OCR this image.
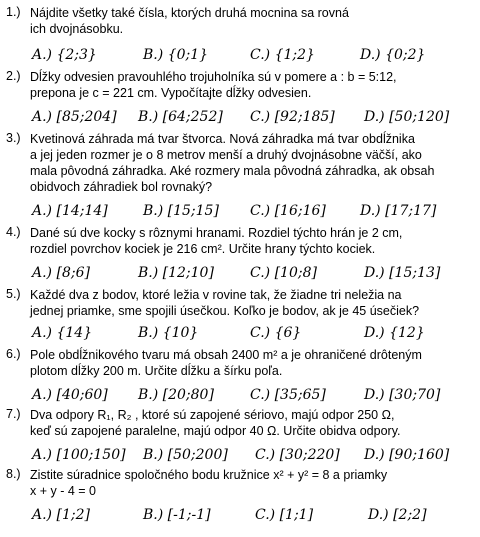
1.) Nájdite všetky také čísla, ktorých druhá mocnina sa rovná
ich dvojnásobku.
A.) {2;3}	B.) {0;1}	C.) {1;2}	D.) {0;2}
2.) Dĺžky odvesien pravouhlého trojuholníka sú v pomere a : b = 5:12,
prepona je c = 221 cm. Vypočítajte dĺžky odvesien.
A.) [85;204] B.) [64;252] C.) [92;185] D.) [50;120]
3.) Kvetinová záhrada má tvar štvorca. Nová záhradka má tvar obdĺžnika
a jej jeden rozmer je o 8 metrov menší a druhý dvojnásobne väčší, ako
mala pôvodná záhradka. Aké rozmery mala pôvodná záhradka, ak obsah
obidvoch záhradiek bol rovnaký?
A.) [14;14]	B.) [15;15] C.) [16;16] D.) [17;17]
4.) Dané sú dve kocky s rôznymi hranami. Rozdiel týchto hrán je 2 cm,
rozdiel povrchov kociek je 216 cm². Určite hrany týchto kociek.
A.) [8;6]	B.) [12;10]	C.) [10;8]	D.) [15;13]
5.) Každé dva z bodov, ktoré ležia v rovine tak, že žiadne tri neležia na
jednej priamke, sme spojili úsečkou. Koľko je bodov, ak je 45 úsečiek?
A.) {14}	B.) {10}	C.) {6}	D.) {12}
6.) Pole obdĺžnikového tvaru má obsah 2400 m² a je ohraničené drôteným
plotom dĺžky 200 m. Určite dĺžku a šírku poľa.
A.) [40;60] B.) [20;80]	C.) [35;65]	D.) [30;70]
7.) Dva odpory R₁, R₂ , ktoré sú zapojené sériovo, majú odpor 250 Ω,
keď sú zapojené paralelne, majú odpor 40 Ω. Určite obidva odpory.
A.) [100;150] B.) [50;200] C.) [30;220] D.) [90;160]
8.) Zistite súradnice spoločného bodu kružnice x² + y² = 8 a priamky
x + y - 4 = 0
A.) [1;2]	B.) [-1;-1]	C.) [1;1]	D.) [2;2]
